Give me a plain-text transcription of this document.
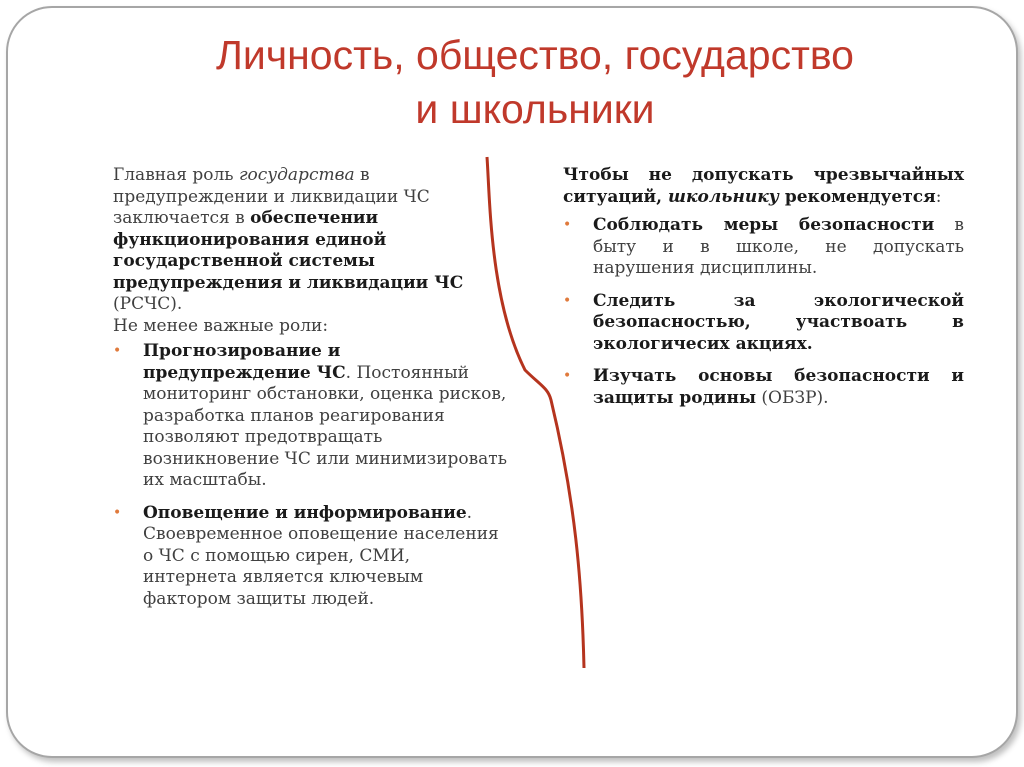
Личность, общество, государство
и школьники

Главная роль государства в предупреждении и ликвидации ЧС заключается в обеспечении функционирования единой государственной системы предупреждения и ликвидации ЧС (РСЧС).

Не менее важные роли:

• Прогнозирование и предупреждение ЧС. Постоянный мониторинг обстановки, оценка рисков, разработка планов реагирования позволяют предотвращать возникновение ЧС или минимизировать их масштабы.
• Оповещение и информирование. Своевременное оповещение населения о ЧС с помощью сирен, СМИ, интернета является ключевым фактором защиты людей.

Чтобы не допускать чрезвычайных ситуаций, школьнику рекомендуется:

• Соблюдать меры безопасности в быту и в школе, не допускать нарушения дисциплины.
• Следить за экологической безопасностью, участвоать в экологичесих акциях.
• Изучать основы безопасности и защиты родины (ОБЗР).
